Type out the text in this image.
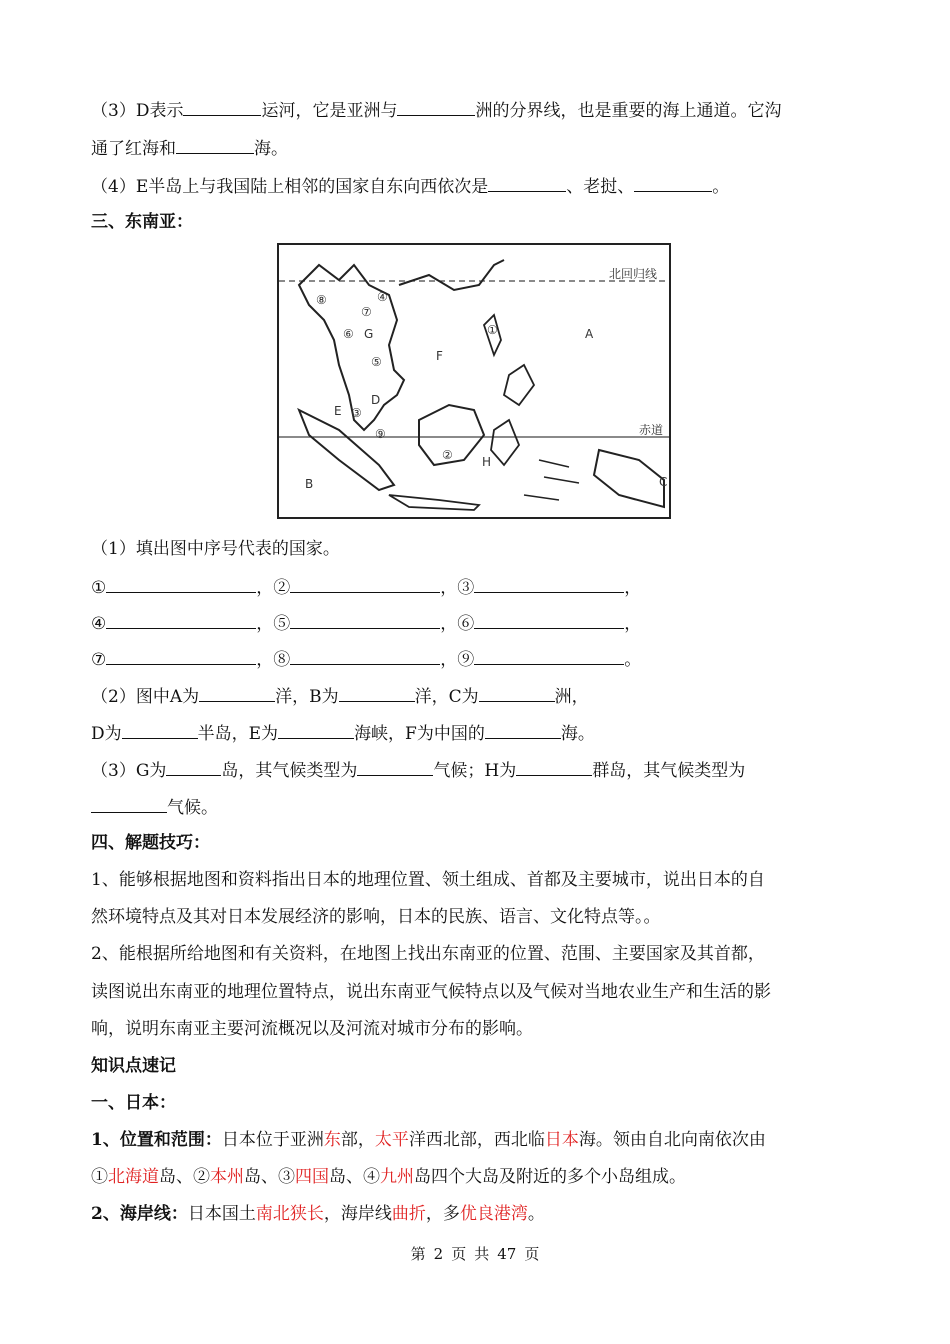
（3）D表示	运河，它是亚洲与	洲的分界线，也是重要的海上通道。它沟
通了红海和	海。
（4）E半岛上与我国陆上相邻的国家自东向西依次是	、老挝、	。
三、东南亚：
北回归线
赤道
A
B	C
D
E
F
G
H
①
②
③
④
⑤
⑥
⑦
⑧
⑨
（1）填出图中序号代表的国家。
①	，②	，③	，
④	，⑤	，⑥	，
⑦	，⑧	，⑨	。
（2）图中A为	洋，B为	洋，C为	洲，
D为	半岛，E为	海峡，F为中国的	海。
（3）G为	岛，其气候类型为	气候；H为	群岛，其气候类型为
气候。
四、解题技巧：
1、能够根据地图和资料指出日本的地理位置、领土组成、首都及主要城市，说出日本的自
然环境特点及其对日本发展经济的影响，日本的民族、语言、文化特点等。。
2、能根据所给地图和有关资料，在地图上找出东南亚的位置、范围、主要国家及其首都，
读图说出东南亚的地理位置特点，说出东南亚气候特点以及气候对当地农业生产和生活的影
响，说明东南亚主要河流概况以及河流对城市分布的影响。
知识点速记
一、日本：
1、位置和范围：日本位于亚洲东部，太平洋西北部，西北临日本海。领由自北向南依次由
①北海道岛、②本州岛、③四国岛、④九州岛四个大岛及附近的多个小岛组成。
2、海岸线：日本国土南北狭长，海岸线曲折，多优良港湾。
第 2 页 共 47 页
